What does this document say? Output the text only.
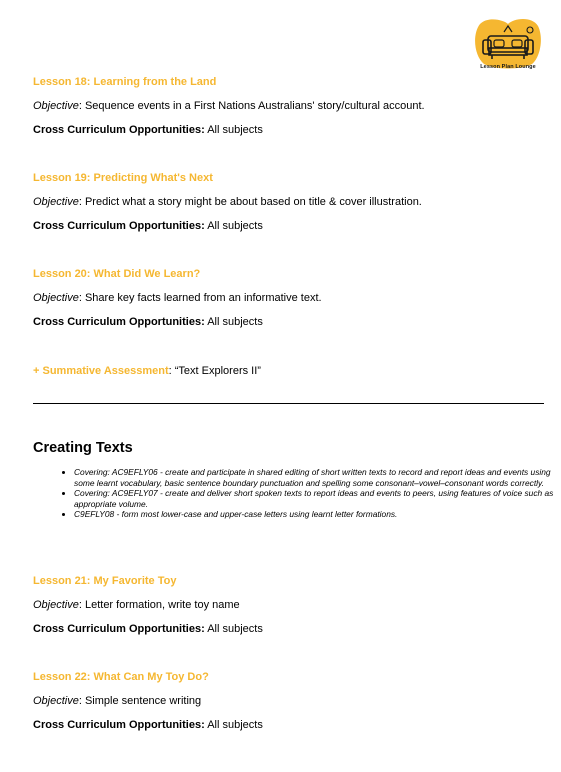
Lesson Plan Lounge
Lesson 18: Learning from the Land
Objective: Sequence events in a First Nations Australians' story/cultural account.
Cross Curriculum Opportunities: All subjects
Lesson 19: Predicting What's Next
Objective: Predict what a story might be about based on title & cover illustration.
Cross Curriculum Opportunities: All subjects
Lesson 20: What Did We Learn?
Objective: Share key facts learned from an informative text.
Cross Curriculum Opportunities: All subjects
+ Summative Assessment: “Text Explorers II”
Creating Texts
• Covering: AC9EFLY06 - create and participate in shared editing of short written texts to record and report ideas and events using some learnt vocabulary, basic sentence boundary punctuation and spelling some consonant–vowel–consonant words correctly.
• Covering: AC9EFLY07 - create and deliver short spoken texts to report ideas and events to peers, using features of voice such as appropriate volume.
• C9EFLY08 - form most lower-case and upper-case letters using learnt letter formations.
Lesson 21: My Favorite Toy
Objective: Letter formation, write toy name
Cross Curriculum Opportunities: All subjects
Lesson 22: What Can My Toy Do?
Objective: Simple sentence writing
Cross Curriculum Opportunities: All subjects
